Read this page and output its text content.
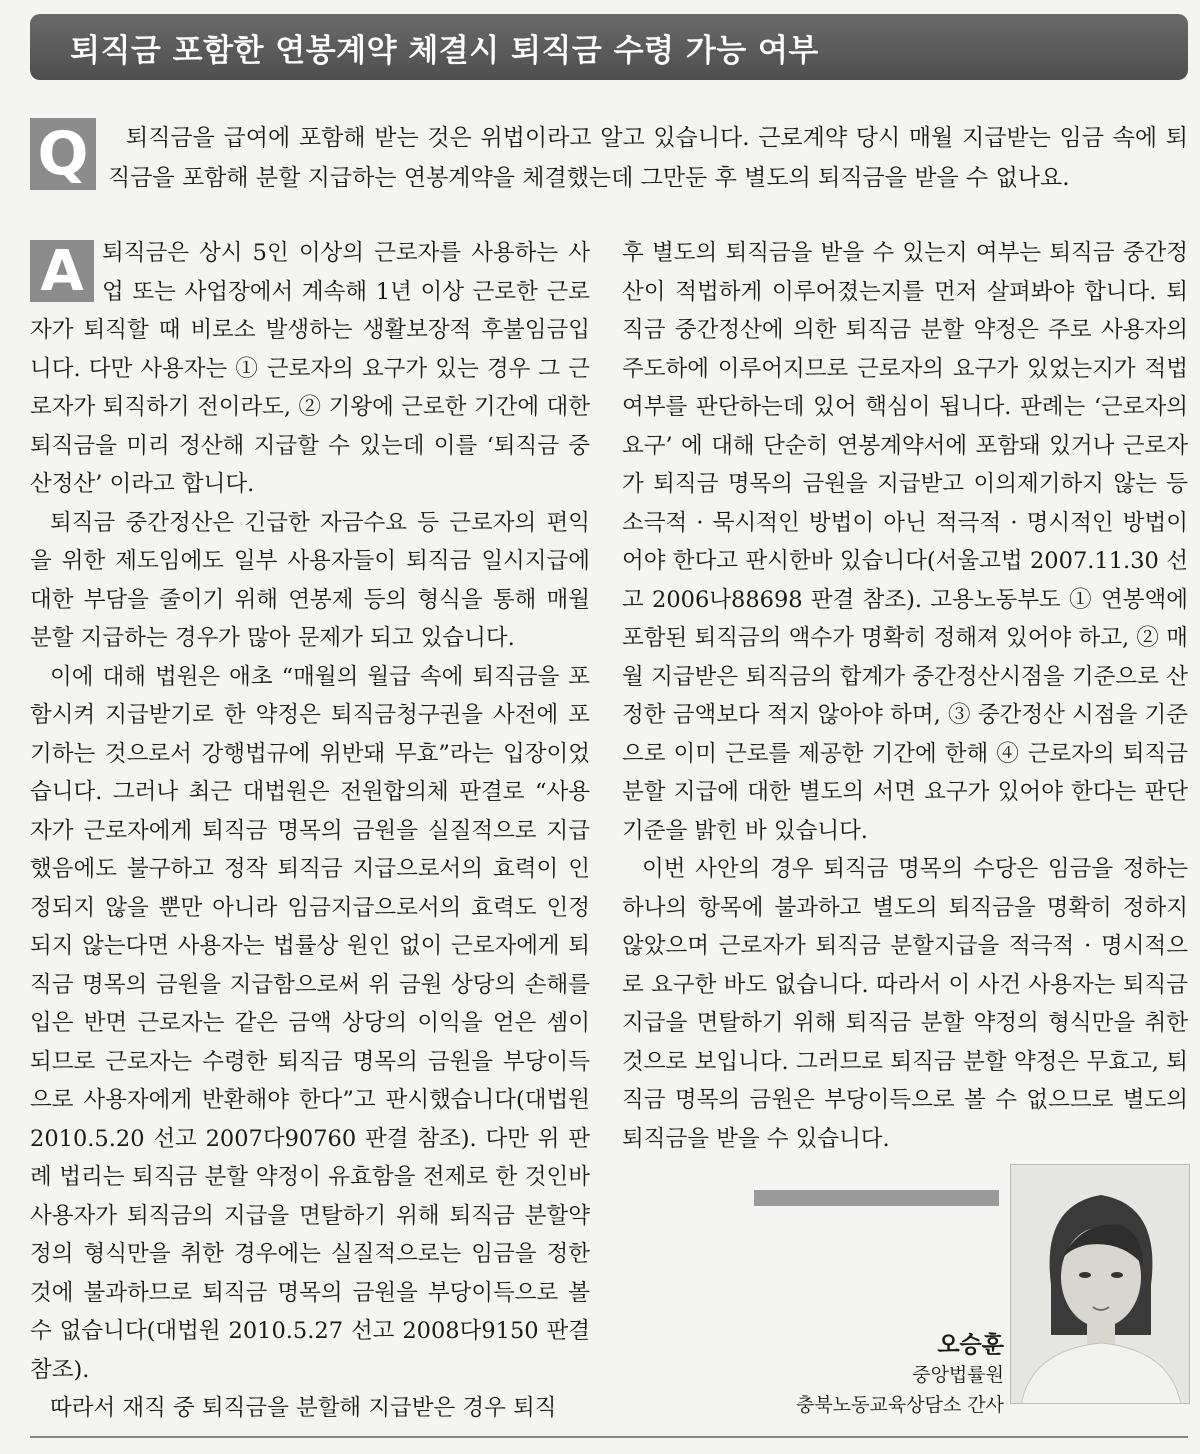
퇴직금 포함한 연봉계약 체결시 퇴직금 수령 가능 여부
Q	퇴직금을 급여에 포함해 받는 것은 위법이라고 알고 있습니다. 근로계약 당시 매월 지급받는 임금 속에 퇴직금을 포함해 분할 지급하는 연봉계약을 체결했는데 그만둔 후 별도의 퇴직금을 받을 수 없나요.

A 퇴직금은 상시 5인 이상의 근로자를 사용하는 사업 또는 사업장에서 계속해 1년 이상 근로한 근로자가 퇴직할 때 비로소 발생하는 생활보장적 후불임금입니다. 다만 사용자는 ① 근로자의 요구가 있는 경우 그 근로자가 퇴직하기 전이라도, ② 기왕에 근로한 기간에 대한 퇴직금을 미리 정산해 지급할 수 있는데 이를 ‘퇴직금 중산정산’ 이라고 합니다.

퇴직금 중간정산은 긴급한 자금수요 등 근로자의 편익을 위한 제도임에도 일부 사용자들이 퇴직금 일시지급에 대한 부담을 줄이기 위해 연봉제 등의 형식을 통해 매월 분할 지급하는 경우가 많아 문제가 되고 있습니다.

이에 대해 법원은 애초 “매월의 월급 속에 퇴직금을 포함시켜 지급받기로 한 약정은 퇴직금청구권을 사전에 포기하는 것으로서 강행법규에 위반돼 무효”라는 입장이었습니다. 그러나 최근 대법원은 전원합의체 판결로 “사용자가 근로자에게 퇴직금 명목의 금원을 실질적으로 지급했음에도 불구하고 정작 퇴직금 지급으로서의 효력이 인정되지 않을 뿐만 아니라 임금지급으로서의 효력도 인정되지 않는다면 사용자는 법률상 원인 없이 근로자에게 퇴직금 명목의 금원을 지급함으로써 위 금원 상당의 손해를 입은 반면 근로자는 같은 금액 상당의 이익을 얻은 셈이 되므로 근로자는 수령한 퇴직금 명목의 금원을 부당이득으로 사용자에게 반환해야 한다”고 판시했습니다(대법원 2010.5.20 선고 2007다90760 판결 참조). 다만 위 판례 법리는 퇴직금 분할 약정이 유효함을 전제로 한 것인바 사용자가 퇴직금의 지급을 면탈하기 위해 퇴직금 분할약정의 형식만을 취한 경우에는 실질적으로는 임금을 정한 것에 불과하므로 퇴직금 명목의 금원을 부당이득으로 볼 수 없습니다(대법원 2010.5.27 선고 2008다9150 판결 참조).

따라서 재직 중 퇴직금을 분할해 지급받은 경우 퇴직

후 별도의 퇴직금을 받을 수 있는지 여부는 퇴직금 중간정산이 적법하게 이루어졌는지를 먼저 살펴봐야 합니다. 퇴직금 중간정산에 의한 퇴직금 분할 약정은 주로 사용자의 주도하에 이루어지므로 근로자의 요구가 있었는지가 적법 여부를 판단하는데 있어 핵심이 됩니다. 판례는 ‘근로자의 요구’ 에 대해 단순히 연봉계약서에 포함돼 있거나 근로자가 퇴직금 명목의 금원을 지급받고 이의제기하지 않는 등 소극적 · 묵시적인 방법이 아닌 적극적 · 명시적인 방법이어야 한다고 판시한바 있습니다(서울고법 2007.11.30 선고 2006나88698 판결 참조). 고용노동부도 ① 연봉액에 포함된 퇴직금의 액수가 명확히 정해져 있어야 하고, ② 매월 지급받은 퇴직금의 합계가 중간정산시점을 기준으로 산정한 금액보다 적지 않아야 하며, ③ 중간정산 시점을 기준으로 이미 근로를 제공한 기간에 한해 ④ 근로자의 퇴직금 분할 지급에 대한 별도의 서면 요구가 있어야 한다는 판단기준을 밝힌 바 있습니다.

이번 사안의 경우 퇴직금 명목의 수당은 임금을 정하는 하나의 항목에 불과하고 별도의 퇴직금을 명확히 정하지 않았으며 근로자가 퇴직금 분할지급을 적극적 · 명시적으로 요구한 바도 없습니다. 따라서 이 사건 사용자는 퇴직금 지급을 면탈하기 위해 퇴직금 분할 약정의 형식만을 취한 것으로 보입니다. 그러므로 퇴직금 분할 약정은 무효고, 퇴직금 명목의 금원은 부당이득으로 볼 수 없으므로 별도의 퇴직금을 받을 수 있습니다.

오승훈
중앙법률원
충북노동교육상담소 간사
